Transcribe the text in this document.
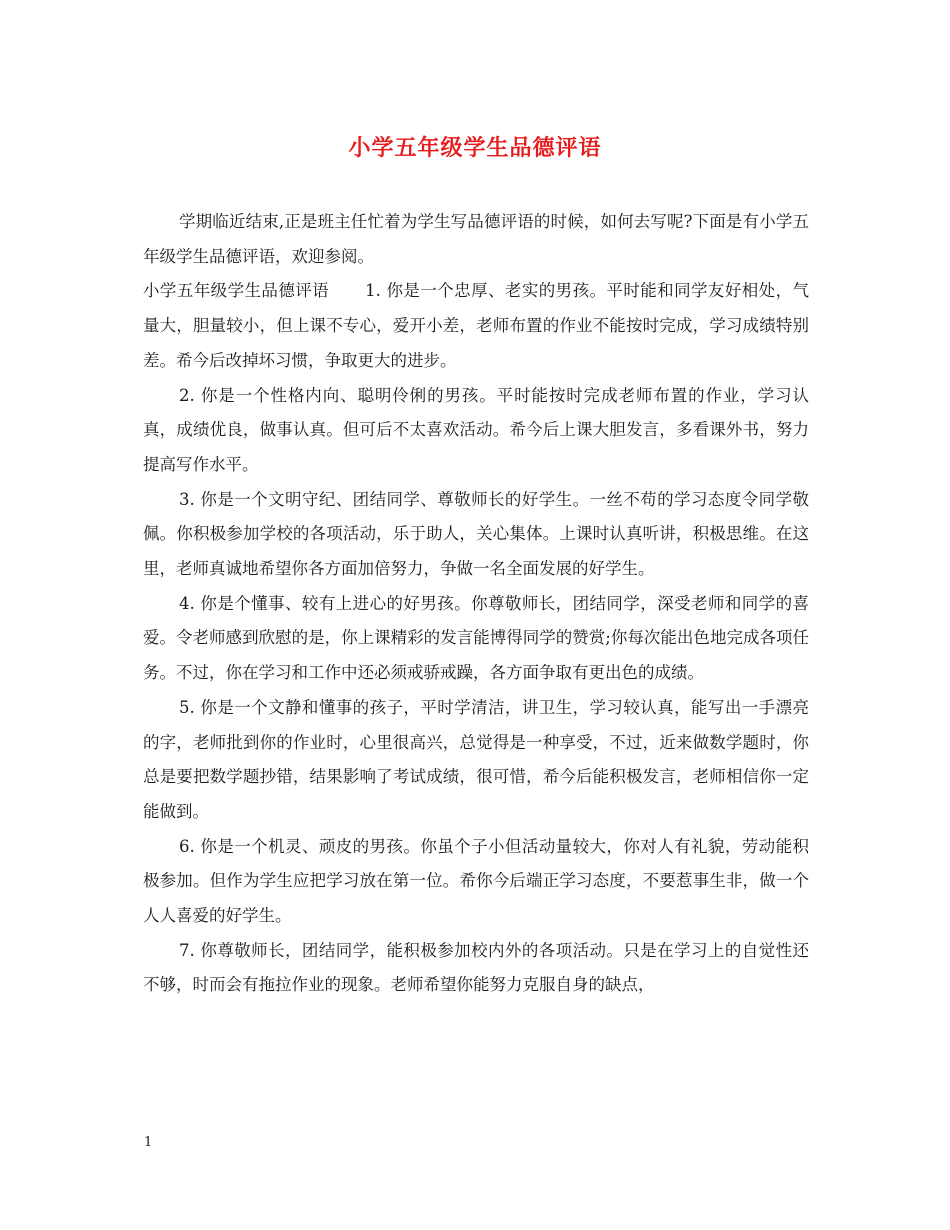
小学五年级学生品德评语

学期临近结束,正是班主任忙着为学生写品德评语的时候，如何去写呢?下面是有小学五年级学生品德评语，欢迎参阅。

小学五年级学生品德评语 1. 你是一个忠厚、老实的男孩。平时能和同学友好相处，气量大，胆量较小，但上课不专心，爱开小差，老师布置的作业不能按时完成，学习成绩特别差。希今后改掉坏习惯，争取更大的进步。

2. 你是一个性格内向、聪明伶俐的男孩。平时能按时完成老师布置的作业，学习认真，成绩优良，做事认真。但可后不太喜欢活动。希今后上课大胆发言，多看课外书，努力提高写作水平。

3. 你是一个文明守纪、团结同学、尊敬师长的好学生。一丝不苟的学习态度令同学敬佩。你积极参加学校的各项活动，乐于助人，关心集体。上课时认真听讲，积极思维。在这里，老师真诚地希望你各方面加倍努力，争做一名全面发展的好学生。

4. 你是个懂事、较有上进心的好男孩。你尊敬师长，团结同学，深受老师和同学的喜爱。令老师感到欣慰的是，你上课精彩的发言能博得同学的赞赏;你每次能出色地完成各项任务。不过，你在学习和工作中还必须戒骄戒躁，各方面争取有更出色的成绩。

5. 你是一个文静和懂事的孩子，平时学清洁，讲卫生，学习较认真，能写出一手漂亮的字，老师批到你的作业时，心里很高兴，总觉得是一种享受，不过，近来做数学题时，你总是要把数学题抄错，结果影响了考试成绩，很可惜，希今后能积极发言，老师相信你一定能做到。

6. 你是一个机灵、顽皮的男孩。你虽个子小但活动量较大，你对人有礼貌，劳动能积极参加。但作为学生应把学习放在第一位。希你今后端正学习态度，不要惹事生非，做一个人人喜爱的好学生。

7. 你尊敬师长，团结同学，能积极参加校内外的各项活动。只是在学习上的自觉性还不够，时而会有拖拉作业的现象。老师希望你能努力克服自身的缺点，

1
